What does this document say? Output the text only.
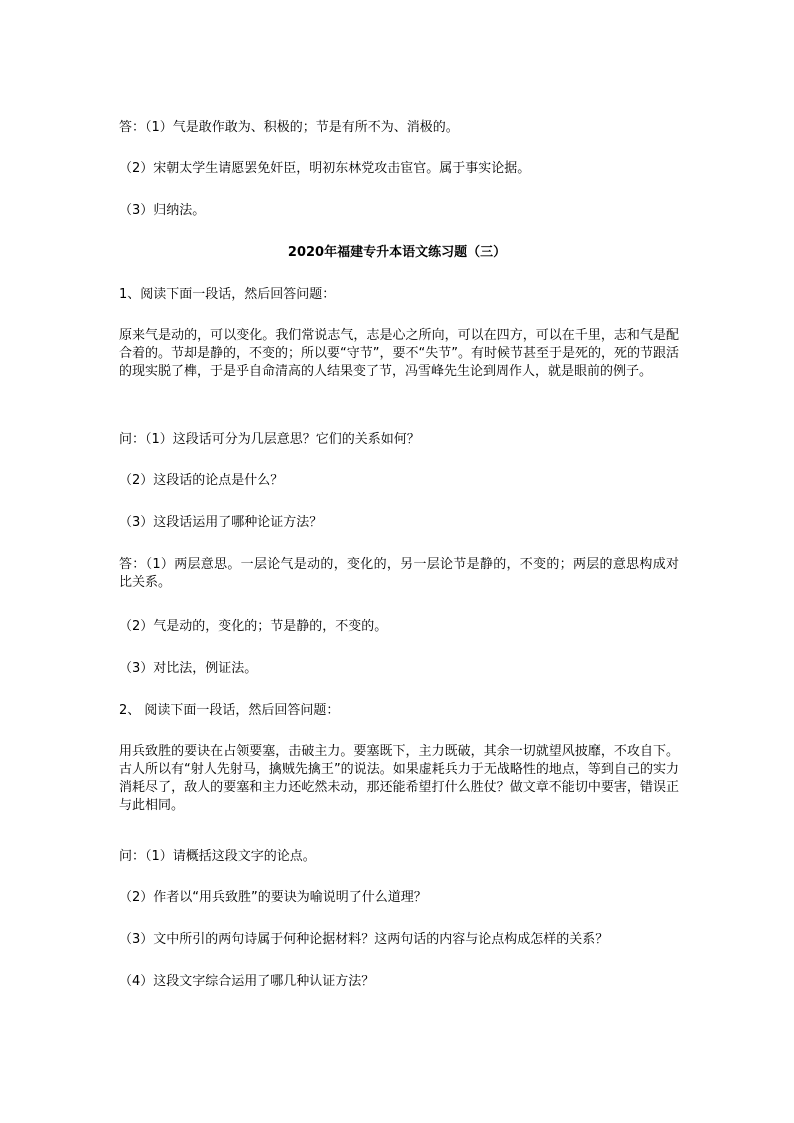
答：（1）气是敢作敢为、积极的；节是有所不为、消极的。
（2）宋朝太学生请愿罢免奸臣，明初东林党攻击宦官。属于事实论据。
（3）归纳法。
2020年福建专升本语文练习题（三）
1、阅读下面一段话，然后回答问题：
原来气是动的，可以变化。我们常说志气，志是心之所向，可以在四方，可以在千里，志和气是配合着的。节却是静的，不变的；所以要“守节”，要不“失节”。有时候节甚至于是死的，死的节跟活的现实脱了榫，于是乎自命清高的人结果变了节，冯雪峰先生论到周作人，就是眼前的例子。
问：（1）这段话可分为几层意思？它们的关系如何？
（2）这段话的论点是什么？
（3）这段话运用了哪种论证方法？
答：（1）两层意思。一层论气是动的，变化的，另一层论节是静的，不变的；两层的意思构成对比关系。
（2）气是动的，变化的；节是静的，不变的。
（3）对比法，例证法。
2、 阅读下面一段话，然后回答问题：
用兵致胜的要诀在占领要塞，击破主力。要塞既下，主力既破，其余一切就望风披靡，不攻自下。古人所以有“射人先射马，擒贼先擒王”的说法。如果虚耗兵力于无战略性的地点，等到自己的实力消耗尽了，敌人的要塞和主力还屹然未动，那还能希望打什么胜仗？做文章不能切中要害，错误正与此相同。
问：（1）请概括这段文字的论点。
（2）作者以“用兵致胜”的要诀为喻说明了什么道理？
（3）文中所引的两句诗属于何种论据材料？这两句话的内容与论点构成怎样的关系？
（4）这段文字综合运用了哪几种认证方法？
